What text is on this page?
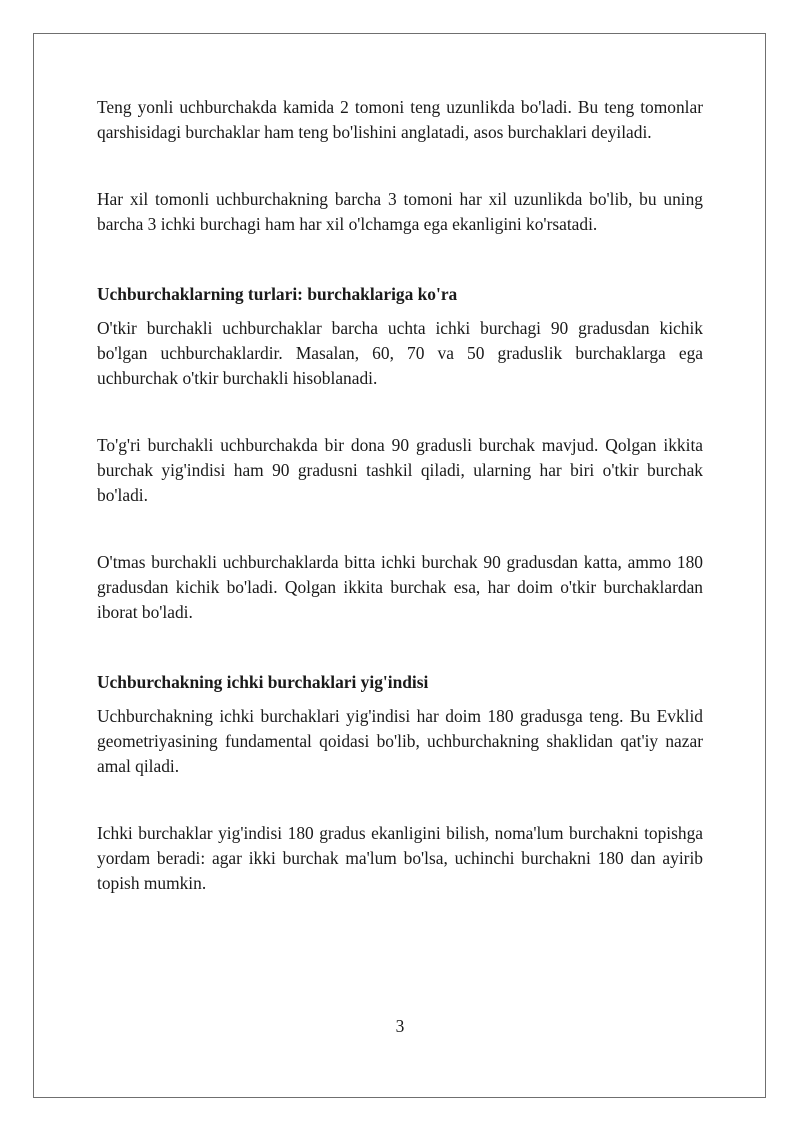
Teng yonli uchburchakda kamida 2 tomoni teng uzunlikda bo'ladi. Bu teng tomonlar qarshisidagi burchaklar ham teng bo'lishini anglatadi, asos burchaklari deyiladi.

Har xil tomonli uchburchakning barcha 3 tomoni har xil uzunlikda bo'lib, bu uning barcha 3 ichki burchagi ham har xil o'lchamga ega ekanligini ko'rsatadi.

Uchburchaklarning turlari: burchaklariga ko'ra

O'tkir burchakli uchburchaklar barcha uchta ichki burchagi 90 gradusdan kichik bo'lgan uchburchaklardir. Masalan, 60, 70 va 50 graduslik burchaklarga ega uchburchak o'tkir burchakli hisoblanadi.

To'g'ri burchakli uchburchakda bir dona 90 gradusli burchak mavjud. Qolgan ikkita burchak yig'indisi ham 90 gradusni tashkil qiladi, ularning har biri o'tkir burchak bo'ladi.

O'tmas burchakli uchburchaklarda bitta ichki burchak 90 gradusdan katta, ammo 180 gradusdan kichik bo'ladi. Qolgan ikkita burchak esa, har doim o'tkir burchaklardan iborat bo'ladi.

Uchburchakning ichki burchaklari yig'indisi

Uchburchakning ichki burchaklari yig'indisi har doim 180 gradusga teng. Bu Evklid geometriyasining fundamental qoidasi bo'lib, uchburchakning shaklidan qat'iy nazar amal qiladi.

Ichki burchaklar yig'indisi 180 gradus ekanligini bilish, noma'lum burchakni topishga yordam beradi: agar ikki burchak ma'lum bo'lsa, uchinchi burchakni 180 dan ayirib topish mumkin.

3
